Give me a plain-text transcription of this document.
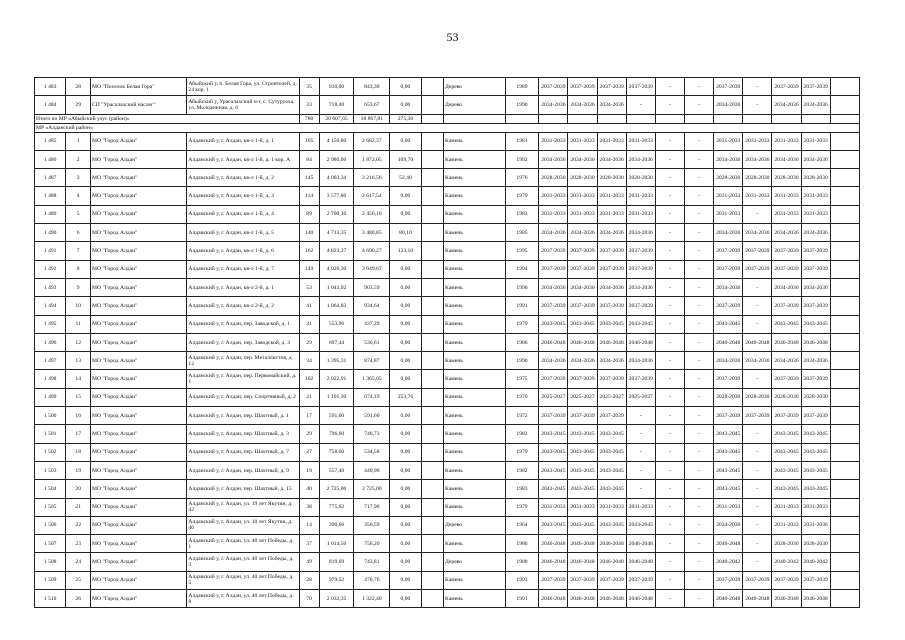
53
1 483	28	МО "Поселок Белая Гора"	Абыйский у, п. Белая Гора, ул. Строителей, д. 24 кор. 1	35	910,00	843,30	0,00		Дерево	1989	2037-2039	2037-2039	2037-2039	2037-2039	-	-	2037-2039	-	2037-2039	2037-2039	
1 484	29	СП "Урасалахский наслег"	Абыйский у, Урасалахский н-г, с. Сутуруоха, ул. Молодежная, д. 6	33	718,40	653,67	0,00		Дерево	1990	2034-2036	2034-2036	2034-2036	-	-	-	2034-2036	-	2034-2036	2034-2036	
Итого по МР «Абыйский улус (район)»				780	20 607,65	18 867,81	275,30														
МР «Алданский район»																					
1 485	1	МО "Город Алдан"	Алданский у, г. Алдан, кв-л 1-й, д. 1	105	4 156,80	2 682,37	0,00		Камень	1981	2031-2033	2031-2033	2031-2033	2031-2033	-	-	2031-2033	2031-2033	2031-2033	2031-2033	
1 486	2	МО "Город Алдан"	Алданский у, г. Алдан, кв-л 1-й, д. 1 кор. А	84	2 986,00	1 872,05	109,70		Камень	1992	2034-2036	2034-2036	2034-2036	2034-2036	-	-	2034-2036	2034-2036	2034-2036	2034-2036	
1 487	3	МО "Город Алдан"	Алданский у, г. Алдан, кв-л 1-й, д. 2	145	4 003,34	3 216,56	52,40		Камень	1976	2028-2030	2028-2030	2028-2030	2028-2030	-	-	2028-2030	2028-2030	2028-2030	2028-2030	
1 488	4	МО "Город Алдан"	Алданский у, г. Алдан, кв-л 1-й, д. 3	114	3 577,80	2 617,54	0,00		Камень	1979	2031-2033	2031-2033	2031-2033	2031-2033	-	-	2031-2033	2031-2033	2031-2033	2031-2033	
1 489	5	МО "Город Алдан"	Алданский у, г. Алдан, кв-л 1-й, д. 4	89	2 700,10	2 456,10	0,00		Камень	1983	2031-2033	2031-2033	2031-2033	2031-2033	-	-	2031-2033	-	2031-2033	2031-2033	
1 490	6	МО "Город Алдан"	Алданский у, г. Алдан, кв-л 1-й, д. 5	140	4 713,35	3 480,85	80,10		Камень	1985	2034-2036	2034-2036	2034-2036	2034-2036	-	-	2034-2036	2034-2036	2034-2036	2034-2036	
1 491	7	МО "Город Алдан"	Алданский у, г. Алдан, кв-л 1-й, д. 6	162	4 823,37	4 690,27	133,10		Камень	1995	2037-2039	2037-2039	2037-2039	2037-2039	-	-	2037-2039	2037-2039	2037-2039	2037-2039	
1 492	8	МО "Город Алдан"	Алданский у, г. Алдан, кв-л 1-й, д. 7	149	4 026,30	3 649,67	0,00		Камень	1994	2037-2039	2037-2039	2037-2039	2037-2039	-	-	2037-2039	2037-2039	2037-2039	2037-2039	
1 493	9	МО "Город Алдан"	Алданский у, г. Алдан, кв-л 2-й, д. 1	53	1 043,92	903,59	0,00		Камень	1990	2034-2036	2034-2036	2034-2036	2034-2036	-	-	2034-2036	-	2034-2036	2034-2036	
1 494	10	МО "Город Алдан"	Алданский у, г. Алдан, кв-л 2-й, д. 2	41	1 064,83	934,64	0,00		Камень	1991	2037-2039	2037-2039	2037-2039	2037-2039	-	-	2037-2039	-	2037-2039	2037-2039	
1 495	11	МО "Город Алдан"	Алданский у, г. Алдан, пер. Заводской, д. 1	31	553,96	437,29	0,00		Камень	1979	2043-2045	2043-2045	2043-2045	2043-2045	-	-	2043-2045	-	2043-2045	2043-2045	
1 496	12	МО "Город Алдан"	Алданский у, г. Алдан, пер. Заводской, д. 3	29	697,44	536,61	0,00		Камень	1986	2046-2048	2046-2048	2046-2048	2046-2048	-	-	2046-2048	2046-2048	2046-2048	2046-2048	
1 497	13	МО "Город Алдан"	Алданский у, г. Алдан, пер. Металлистов, д. 12	34	1 395,31	874,87	0,00		Камень	1990	2034-2036	2034-2036	2034-2036	2034-2036	-	-	2034-2036	2034-2036	2034-2036	2034-2036	
1 498	14	МО "Город Алдан"	Алданский у, г. Алдан, пер. Первомайский, д. 1	102	2 022,91	1 365,05	0,00		Камень	1975	2037-2039	2037-2039	2037-2039	2037-2039	-	-	2037-2039	-	2037-2039	2037-2039	
1 499	15	МО "Город Алдан"	Алданский у, г. Алдан, пер. Спортивный, д. 2	21	1 101,30	674,19	253,76		Камень	1970	2025-2027	2025-2027	2025-2027	2025-2027	-	-	2028-2030	2028-2030	2028-2030	2028-2030	
1 500	16	МО "Город Алдан"	Алданский у, г. Алдан, пер. Шахтный, д. 1	17	591,60	591,60	0,00		Камень	1972	2037-2039	2037-2039	2037-2039	-	-	-	2037-2039	2037-2039	2037-2039	2037-2039	
1 501	17	МО "Город Алдан"	Алданский у, г. Алдан, пер. Шахтный, д. 3	29	796,60	746,73	0,00		Камень	1982	2043-2045	2043-2045	2043-2045	-	-	-	2043-2045	-	2043-2045	2043-2045	
1 502	18	МО "Город Алдан"	Алданский у, г. Алдан, пер. Шахтный, д. 7	27	758,60	534,58	0,00		Камень	1979	2043-2045	2043-2045	2043-2045	-	-	-	2043-2045	-	2043-2045	2043-2045	
1 503	19	МО "Город Алдан"	Алданский у, г. Алдан, пер. Шахтный, д. 9	19	557,40	440,90	0,00		Камень	1982	2043-2045	2043-2045	2043-2045	-	-	-	2043-2045	-	2043-2045	2043-2045	
1 504	20	МО "Город Алдан"	Алданский у, г. Алдан, пер. Шахтный, д. 15	40	2 725,00	2 725,00	0,00		Камень	1983	2043-2045	2043-2045	2043-2045	-	-	-	2043-2045	-	2043-2045	2043-2045	
1 505	21	МО "Город Алдан"	Алданский у, г. Алдан, ул. 19 лет Якутии, д. 42	38	775,62	717,90	0,00		Камень	1979	2031-2033	2031-2033	2031-2033	2031-2033	-	-	2031-2033	-	2031-2033	2031-2033	
1 506	22	МО "Город Алдан"	Алданский у, г. Алдан, ул. 10 лет Якутии, д. 46	14	390,66	356,59	0,00		Дерево	1964	2043-2045	2043-2045	2043-2045	2043-2045	-	-	2034-2036	-	2031-2033	2031-2036	
1 507	23	МО "Город Алдан"	Алданский у, г. Алдан, ул. 40 лет Победы, д. 1	37	1 014,50	756,20	0,00		Камень	1986	2046-2048	2046-2048	2046-2048	2046-2048	-	-	2046-2048	-	2028-2030	2028-2030	
1 508	24	МО "Город Алдан"	Алданский у, г. Алдан, ул. 40 лет Победы, д. 3	49	819,69	743,81	0,00		Дерево	1988	2046-2048	2046-2048	2046-2048	2046-2048	-	-	2040-2042	-	2040-2042	2040-2042	
1 509	25	МО "Город Алдан"	Алданский у, г. Алдан, ул. 40 лет Победы, д. 5	28	979,52	470,76	0,00		Камень	1993	2037-2039	2037-2039	2037-2039	2037-2039	-	-	2037-2039	2037-2039	2037-2039	2037-2039	
1 510	26	МО "Город Алдан"	Алданский у, г. Алдан, ул. 40 лет Победы, д. 8	70	2 032,35	1 322,40	0,00		Камень	1991	2046-2048	2046-2048	2046-2048	2046-2048	-	-	2046-2048	2046-2048	2046-2048	2046-2048	
